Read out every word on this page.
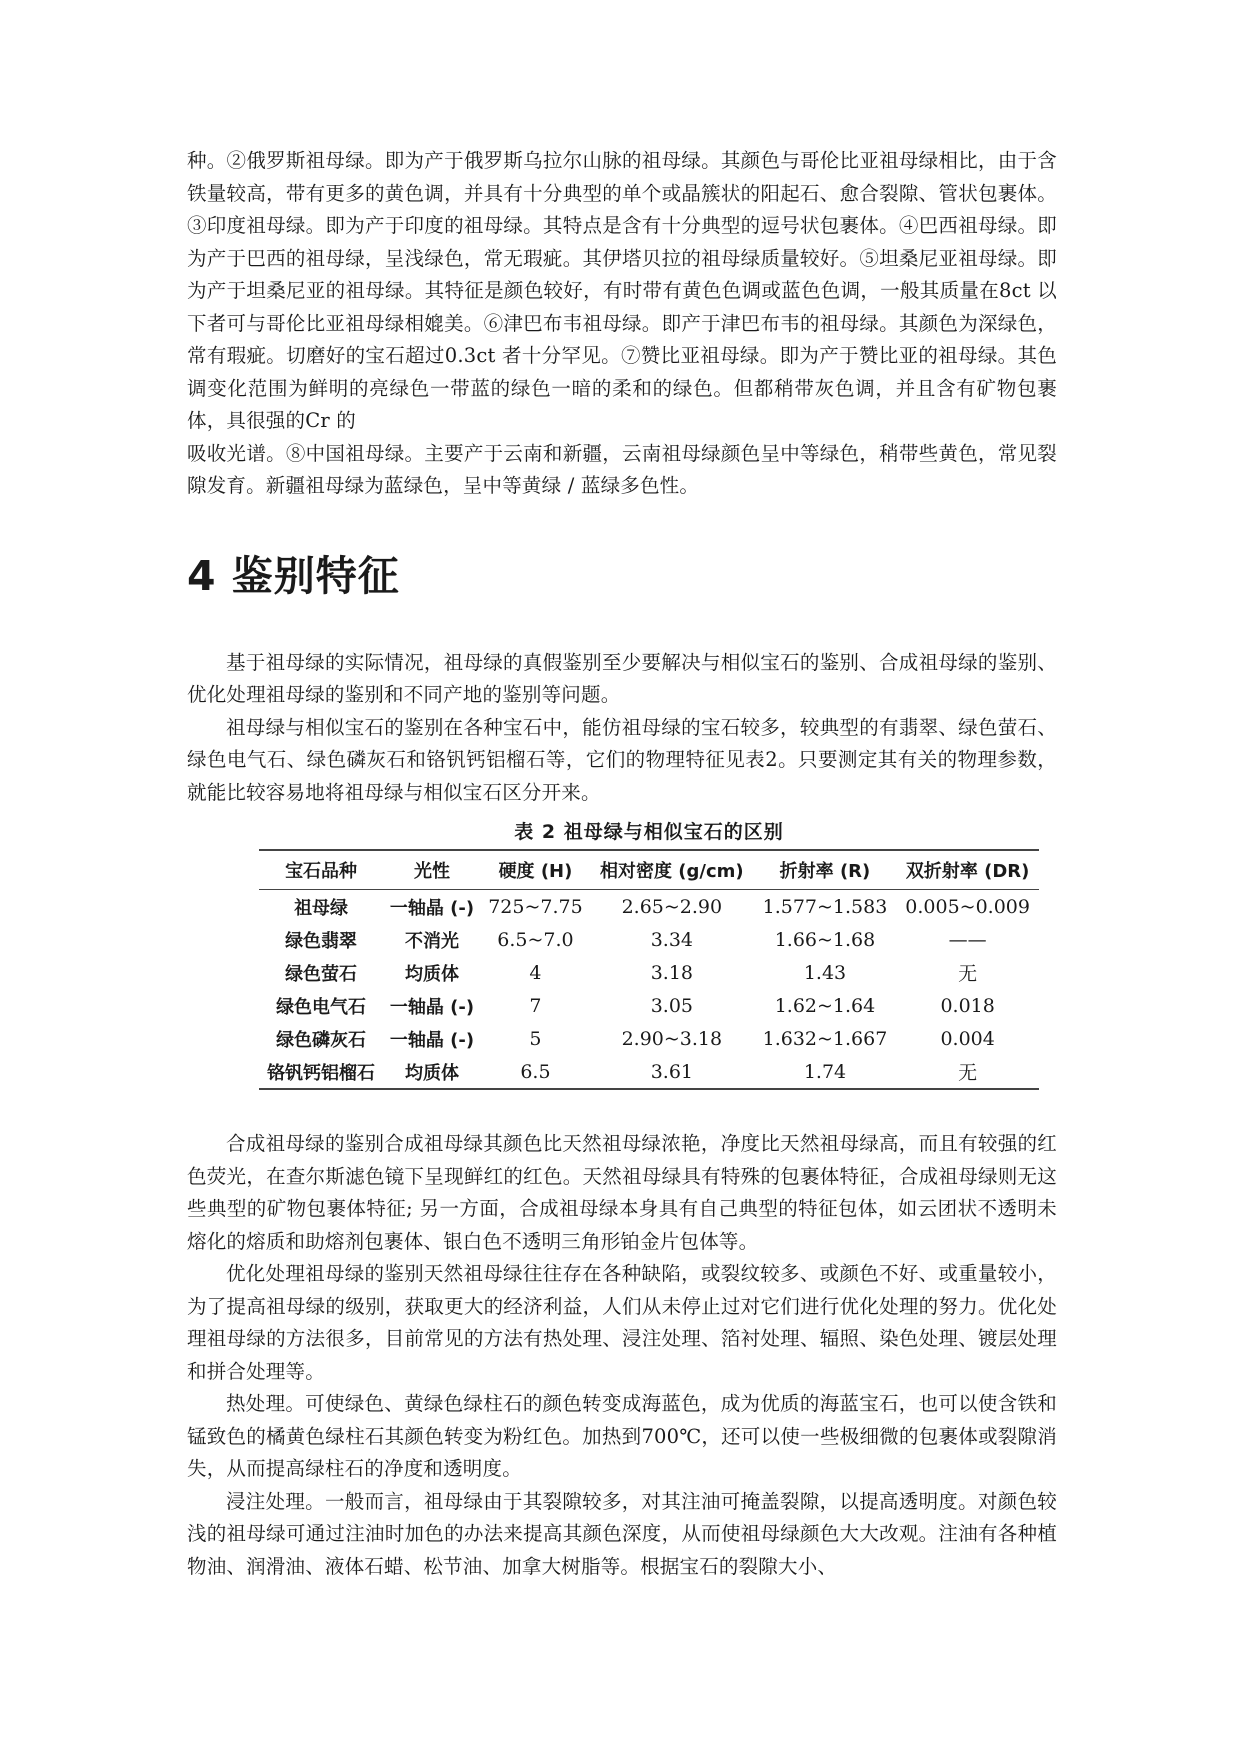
种。②俄罗斯祖母绿。即为产于俄罗斯乌拉尔山脉的祖母绿。其颜色与哥伦比亚祖母绿相比，由于含铁量较高，带有更多的黄色调，并具有十分典型的单个或晶簇状的阳起石、愈合裂隙、管状包裹体。③印度祖母绿。即为产于印度的祖母绿。其特点是含有十分典型的逗号状包裹体。④巴西祖母绿。即为产于巴西的祖母绿，呈浅绿色，常无瑕疵。其伊塔贝拉的祖母绿质量较好。⑤坦桑尼亚祖母绿。即为产于坦桑尼亚的祖母绿。其特征是颜色较好，有时带有黄色色调或蓝色色调，一般其质量在8ct 以下者可与哥伦比亚祖母绿相媲美。⑥津巴布韦祖母绿。即产于津巴布韦的祖母绿。其颜色为深绿色，常有瑕疵。切磨好的宝石超过0.3ct 者十分罕见。⑦赞比亚祖母绿。即为产于赞比亚的祖母绿。其色调变化范围为鲜明的亮绿色一带蓝的绿色一暗的柔和的绿色。但都稍带灰色调，并且含有矿物包裹体，具很强的Cr 的

吸收光谱。⑧中国祖母绿。主要产于云南和新疆，云南祖母绿颜色呈中等绿色，稍带些黄色，常见裂隙发育。新疆祖母绿为蓝绿色，呈中等黄绿 / 蓝绿多色性。

4 鉴别特征

基于祖母绿的实际情况，祖母绿的真假鉴别至少要解决与相似宝石的鉴别、合成祖母绿的鉴别、优化处理祖母绿的鉴别和不同产地的鉴别等问题。

祖母绿与相似宝石的鉴别在各种宝石中，能仿祖母绿的宝石较多，较典型的有翡翠、绿色萤石、绿色电气石、绿色磷灰石和铬钒钙铝榴石等，它们的物理特征见表2。只要测定其有关的物理参数，就能比较容易地将祖母绿与相似宝石区分开来。

表 2 祖母绿与相似宝石的区别
宝石品种	光性	硬度 (H)	相对密度 (g/cm)	折射率 (R)	双折射率 (DR)
祖母绿	一轴晶 (-)	725~7.75	2.65~2.90	1.577~1.583	0.005~0.009
绿色翡翠	不消光	6.5~7.0	3.34	1.66~1.68	——
绿色萤石	均质体	4	3.18	1.43	无
绿色电气石	一轴晶 (-)	7	3.05	1.62~1.64	0.018
绿色磷灰石	一轴晶 (-)	5	2.90~3.18	1.632~1.667	0.004
铬钒钙铝榴石	均质体	6.5	3.61	1.74	无

合成祖母绿的鉴别合成祖母绿其颜色比天然祖母绿浓艳，净度比天然祖母绿高，而且有较强的红色荧光，在查尔斯滤色镜下呈现鲜红的红色。天然祖母绿具有特殊的包裹体特征，合成祖母绿则无这些典型的矿物包裹体特征; 另一方面，合成祖母绿本身具有自己典型的特征包体，如云团状不透明未熔化的熔质和助熔剂包裹体、银白色不透明三角形铂金片包体等。

优化处理祖母绿的鉴别天然祖母绿往往存在各种缺陷，或裂纹较多、或颜色不好、或重量较小，为了提高祖母绿的级别，获取更大的经济利益，人们从未停止过对它们进行优化处理的努力。优化处理祖母绿的方法很多，目前常见的方法有热处理、浸注处理、箔衬处理、辐照、染色处理、镀层处理和拼合处理等。

热处理。可使绿色、黄绿色绿柱石的颜色转变成海蓝色，成为优质的海蓝宝石，也可以使含铁和锰致色的橘黄色绿柱石其颜色转变为粉红色。加热到700℃，还可以使一些极细微的包裹体或裂隙消失，从而提高绿柱石的净度和透明度。

浸注处理。一般而言，祖母绿由于其裂隙较多，对其注油可掩盖裂隙，以提高透明度。对颜色较浅的祖母绿可通过注油时加色的办法来提高其颜色深度，从而使祖母绿颜色大大改观。注油有各种植物油、润滑油、液体石蜡、松节油、加拿大树脂等。根据宝石的裂隙大小、
